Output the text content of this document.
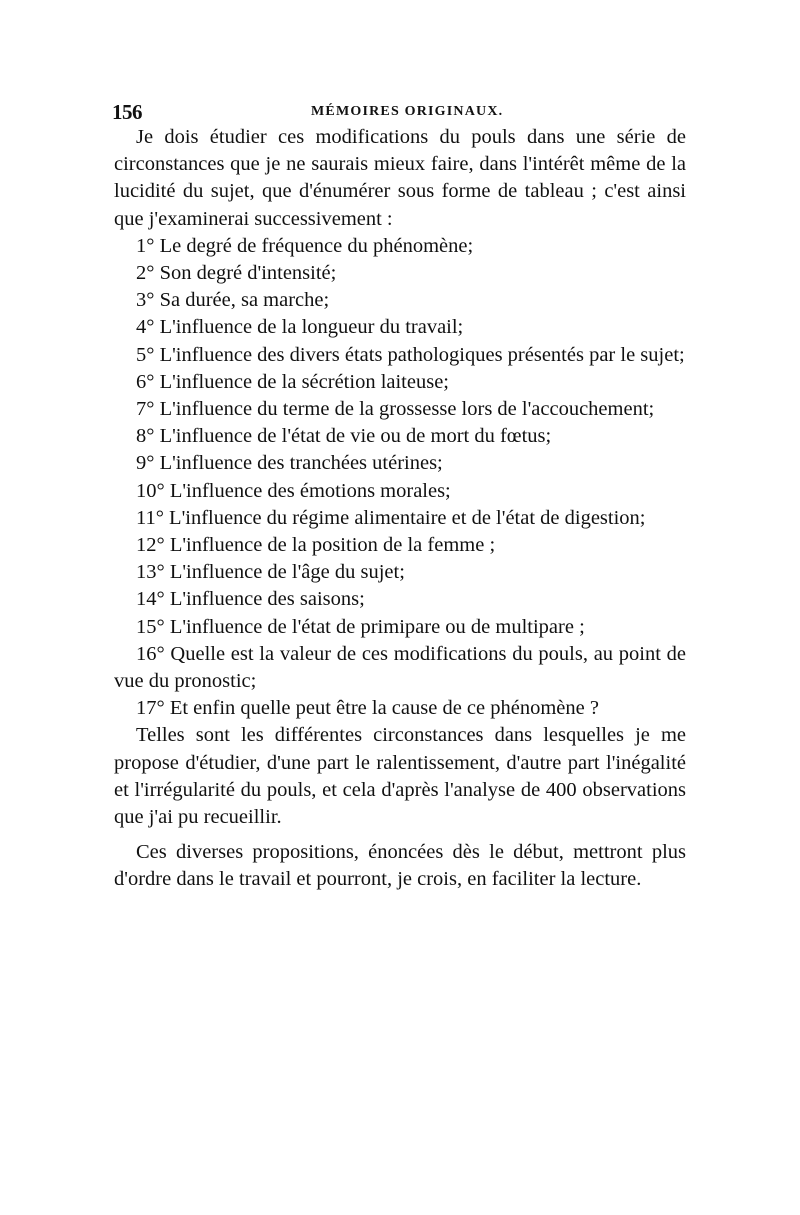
156	MÉMOIRES ORIGINAUX.

Je dois étudier ces modifications du pouls dans une série de circonstances que je ne saurais mieux faire, dans l'intérêt même de la lucidité du sujet, que d'énumérer sous forme de tableau ; c'est ainsi que j'examinerai successivement :

1° Le degré de fréquence du phénomène;

2° Son degré d'intensité;

3° Sa durée, sa marche;

4° L'influence de la longueur du travail;

5° L'influence des divers états pathologiques présentés par le sujet;

6° L'influence de la sécrétion laiteuse;

7° L'influence du terme de la grossesse lors de l'accouchement;

8° L'influence de l'état de vie ou de mort du fœtus;

9° L'influence des tranchées utérines;

10° L'influence des émotions morales;

11° L'influence du régime alimentaire et de l'état de digestion;

12° L'influence de la position de la femme ;

13° L'influence de l'âge du sujet;

14° L'influence des saisons;

15° L'influence de l'état de primipare ou de multipare ;

16° Quelle est la valeur de ces modifications du pouls, au point de vue du pronostic;

17° Et enfin quelle peut être la cause de ce phénomène ?

Telles sont les différentes circonstances dans lesquelles je me propose d'étudier, d'une part le ralentissement, d'autre part l'inégalité et l'irrégularité du pouls, et cela d'après l'analyse de 400 observations que j'ai pu recueillir.

Ces diverses propositions, énoncées dès le début, mettront plus d'ordre dans le travail et pourront, je crois, en faciliter la lecture.
